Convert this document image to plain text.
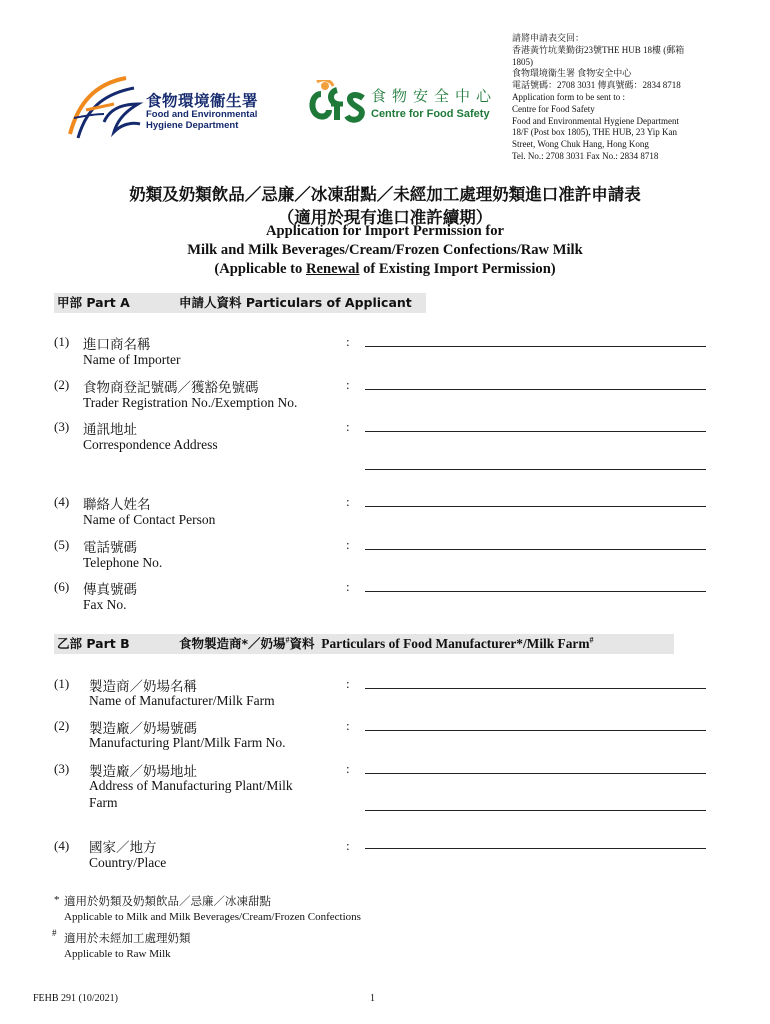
食物環境衞生署
Food and Environmental
Hygiene Department
食物安全中心
Centre for Food Safety
請將申請表交回：
香港黃竹坑業勤街23號THE HUB 18樓 (郵箱
1805)
食物環境衞生署 食物安全中心
電話號碼：2708 3031 傳真號碼：2834 8718
Application form to be sent to :
Centre for Food Safety
Food and Environmental Hygiene Department
18/F (Post box 1805), THE HUB, 23 Yip Kan
Street, Wong Chuk Hang, Hong Kong
Tel. No.: 2708 3031 Fax No.: 2834 8718
奶類及奶類飲品／忌廉／冰凍甜點／未經加工處理奶類進口准許申請表
（適用於現有進口准許續期）
Application for Import Permission for
Milk and Milk Beverages/Cream/Frozen Confections/Raw Milk
(Applicable to Renewal of Existing Import Permission)
甲部 Part A	申請人資料 Particulars of Applicant
(1) 進口商名稱
Name of Importer
:
(2) 食物商登記號碼／獲豁免號碼
Trader Registration No./Exemption No.
:
(3) 通訊地址
Correspondence Address
:
(4) 聯絡人姓名
Name of Contact Person
:
(5) 電話號碼
Telephone No.
:
(6) 傳真號碼
Fax No.
:
乙部 Part B	食物製造商*／奶場#資料 Particulars of Food Manufacturer*/Milk Farm#
(1) 製造商／奶場名稱
Name of Manufacturer/Milk Farm
:
(2) 製造廠／奶場號碼
Manufacturing Plant/Milk Farm No.
:
(3) 製造廠／奶場地址
Address of Manufacturing Plant/Milk
Farm
:
(4) 國家／地方
Country/Place
:
* 適用於奶類及奶類飲品／忌廉／冰凍甜點
Applicable to Milk and Milk Beverages/Cream/Frozen Confections
# 適用於未經加工處理奶類
Applicable to Raw Milk
FEHB 291 (10/2021)	1
